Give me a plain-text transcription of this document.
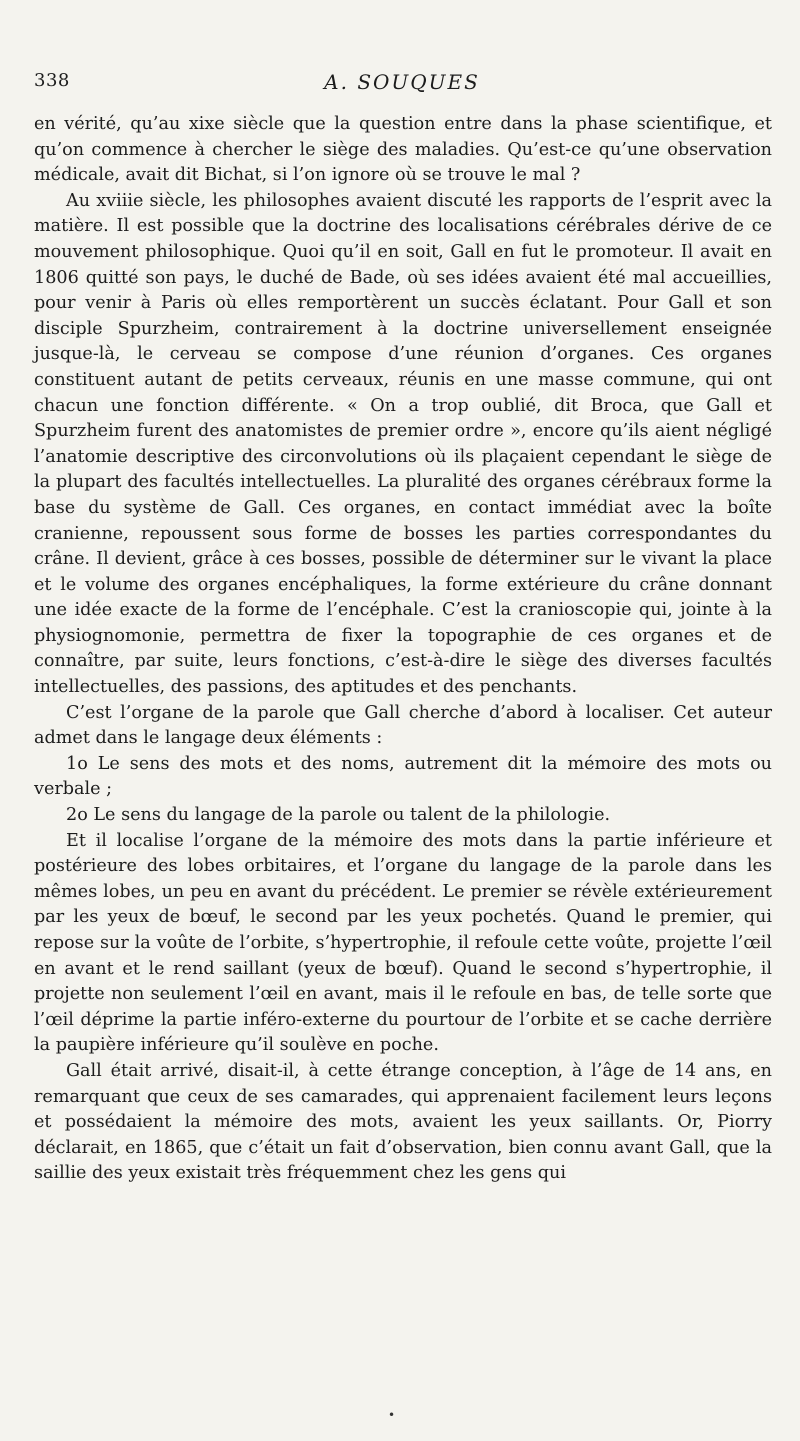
338	A. SOUQUES

en vérité, qu’au xixe siècle que la question entre dans la phase scientifique, et qu’on commence à chercher le siège des maladies. Qu’est-ce qu’une observation médicale, avait dit Bichat, si l’on ignore où se trouve le mal ?

Au xviiie siècle, les philosophes avaient discuté les rapports de l’esprit avec la matière. Il est possible que la doctrine des localisations cérébrales dérive de ce mouvement philosophique. Quoi qu’il en soit, Gall en fut le promoteur. Il avait en 1806 quitté son pays, le duché de Bade, où ses idées avaient été mal accueillies, pour venir à Paris où elles remportèrent un succès éclatant. Pour Gall et son disciple Spurzheim, contrairement à la doctrine universellement enseignée jusque-là, le cerveau se compose d’une réunion d’organes. Ces organes constituent autant de petits cerveaux, réunis en une masse commune, qui ont chacun une fonction différente. « On a trop oublié, dit Broca, que Gall et Spurzheim furent des anatomistes de premier ordre », encore qu’ils aient négligé l’anatomie descriptive des circonvolutions où ils plaçaient cependant le siège de la plupart des facultés intellectuelles. La pluralité des organes cérébraux forme la base du système de Gall. Ces organes, en contact immédiat avec la boîte cranienne, repoussent sous forme de bosses les parties correspondantes du crâne. Il devient, grâce à ces bosses, possible de déterminer sur le vivant la place et le volume des organes encéphaliques, la forme extérieure du crâne donnant une idée exacte de la forme de l’encéphale. C’est la cranioscopie qui, jointe à la physiognomonie, permettra de fixer la topographie de ces organes et de connaître, par suite, leurs fonctions, c’est-à-dire le siège des diverses facultés intellectuelles, des passions, des aptitudes et des penchants.

C’est l’organe de la parole que Gall cherche d’abord à localiser. Cet auteur admet dans le langage deux éléments :

1o Le sens des mots et des noms, autrement dit la mémoire des mots ou verbale ;

2o Le sens du langage de la parole ou talent de la philologie.

Et il localise l’organe de la mémoire des mots dans la partie inférieure et postérieure des lobes orbitaires, et l’organe du langage de la parole dans les mêmes lobes, un peu en avant du précédent. Le premier se révèle extérieurement par les yeux de bœuf, le second par les yeux pochetés. Quand le premier, qui repose sur la voûte de l’orbite, s’hypertrophie, il refoule cette voûte, projette l’œil en avant et le rend saillant (yeux de bœuf). Quand le second s’hypertrophie, il projette non seulement l’œil en avant, mais il le refoule en bas, de telle sorte que l’œil déprime la partie inféro-externe du pourtour de l’orbite et se cache derrière la paupière inférieure qu’il soulève en poche.

Gall était arrivé, disait-il, à cette étrange conception, à l’âge de 14 ans, en remarquant que ceux de ses camarades, qui apprenaient facilement leurs leçons et possédaient la mémoire des mots, avaient les yeux saillants. Or, Piorry déclarait, en 1865, que c’était un fait d’observation, bien connu avant Gall, que la saillie des yeux existait très fréquemment chez les gens qui

•
